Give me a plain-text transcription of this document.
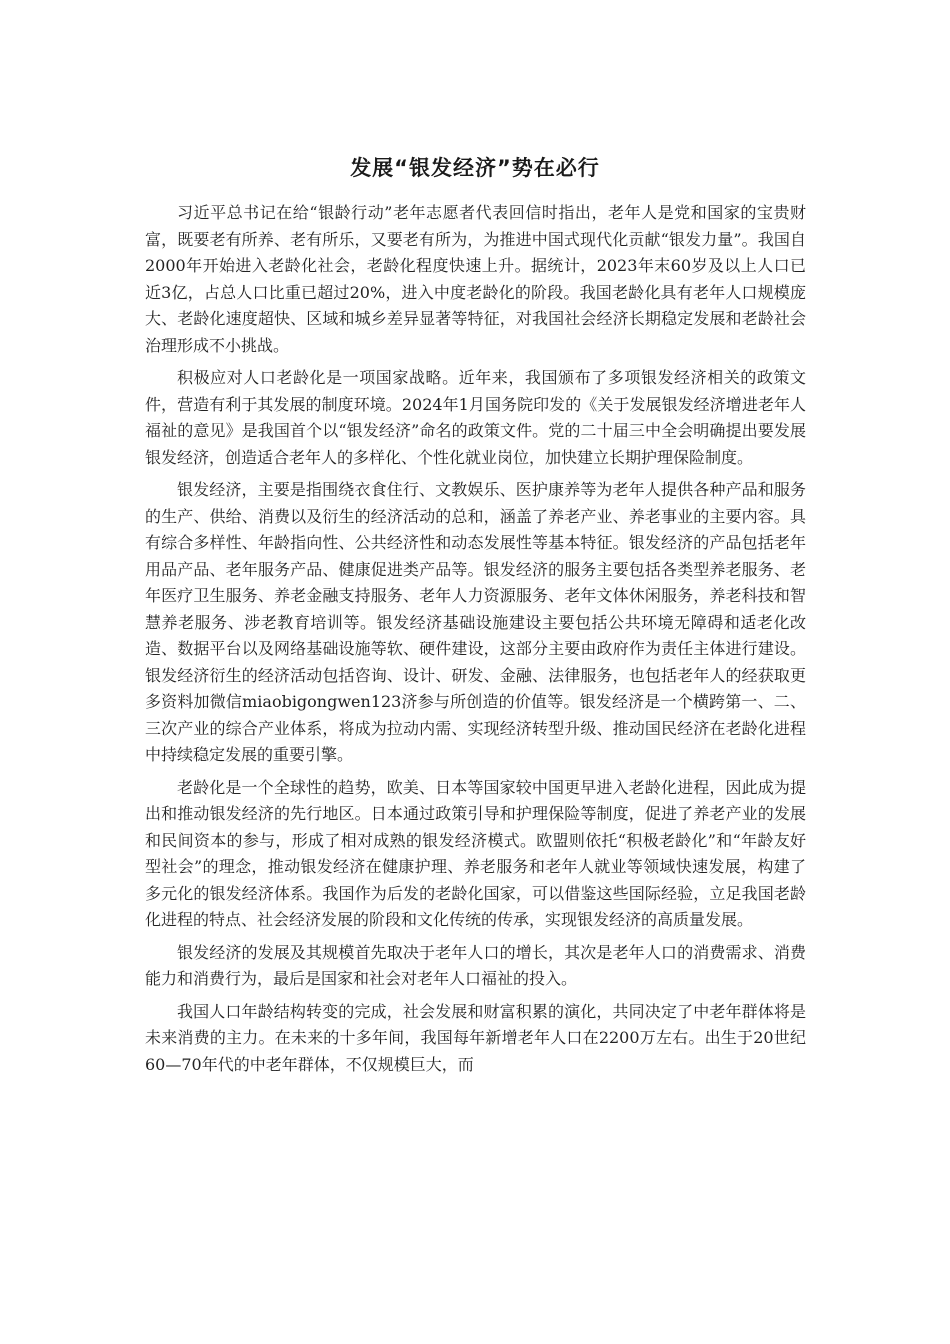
发展“银发经济”势在必行

习近平总书记在给“银龄行动”老年志愿者代表回信时指出，老年人是党和国家的宝贵财富，既要老有所养、老有所乐，又要老有所为，为推进中国式现代化贡献“银发力量”。我国自2000年开始进入老龄化社会，老龄化程度快速上升。据统计，2023年末60岁及以上人口已近3亿，占总人口比重已超过20%，进入中度老龄化的阶段。我国老龄化具有老年人口规模庞大、老龄化速度超快、区域和城乡差异显著等特征，对我国社会经济长期稳定发展和老龄社会治理形成不小挑战。

积极应对人口老龄化是一项国家战略。近年来，我国颁布了多项银发经济相关的政策文件，营造有利于其发展的制度环境。2024年1月国务院印发的《关于发展银发经济增进老年人福祉的意见》是我国首个以“银发经济”命名的政策文件。党的二十届三中全会明确提出要发展银发经济，创造适合老年人的多样化、个性化就业岗位，加快建立长期护理保险制度。

银发经济，主要是指围绕衣食住行、文教娱乐、医护康养等为老年人提供各种产品和服务的生产、供给、消费以及衍生的经济活动的总和，涵盖了养老产业、养老事业的主要内容。具有综合多样性、年龄指向性、公共经济性和动态发展性等基本特征。银发经济的产品包括老年用品产品、老年服务产品、健康促进类产品等。银发经济的服务主要包括各类型养老服务、老年医疗卫生服务、养老金融支持服务、老年人力资源服务、老年文体休闲服务，养老科技和智慧养老服务、涉老教育培训等。银发经济基础设施建设主要包括公共环境无障碍和适老化改造、数据平台以及网络基础设施等软、硬件建设，这部分主要由政府作为责任主体进行建设。银发经济衍生的经济活动包括咨询、设计、研发、金融、法律服务，也包括老年人的经获取更多资料加微信miaobigongwen123济参与所创造的价值等。银发经济是一个横跨第一、二、三次产业的综合产业体系，将成为拉动内需、实现经济转型升级、推动国民经济在老龄化进程中持续稳定发展的重要引擎。

老龄化是一个全球性的趋势，欧美、日本等国家较中国更早进入老龄化进程，因此成为提出和推动银发经济的先行地区。日本通过政策引导和护理保险等制度，促进了养老产业的发展和民间资本的参与，形成了相对成熟的银发经济模式。欧盟则依托“积极老龄化”和“年龄友好型社会”的理念，推动银发经济在健康护理、养老服务和老年人就业等领域快速发展，构建了多元化的银发经济体系。我国作为后发的老龄化国家，可以借鉴这些国际经验，立足我国老龄化进程的特点、社会经济发展的阶段和文化传统的传承，实现银发经济的高质量发展。

银发经济的发展及其规模首先取决于老年人口的增长，其次是老年人口的消费需求、消费能力和消费行为，最后是国家和社会对老年人口福祉的投入。

我国人口年龄结构转变的完成，社会发展和财富积累的演化，共同决定了中老年群体将是未来消费的主力。在未来的十多年间，我国每年新增老年人口在2200万左右。出生于20世纪60—70年代的中老年群体，不仅规模巨大，而
